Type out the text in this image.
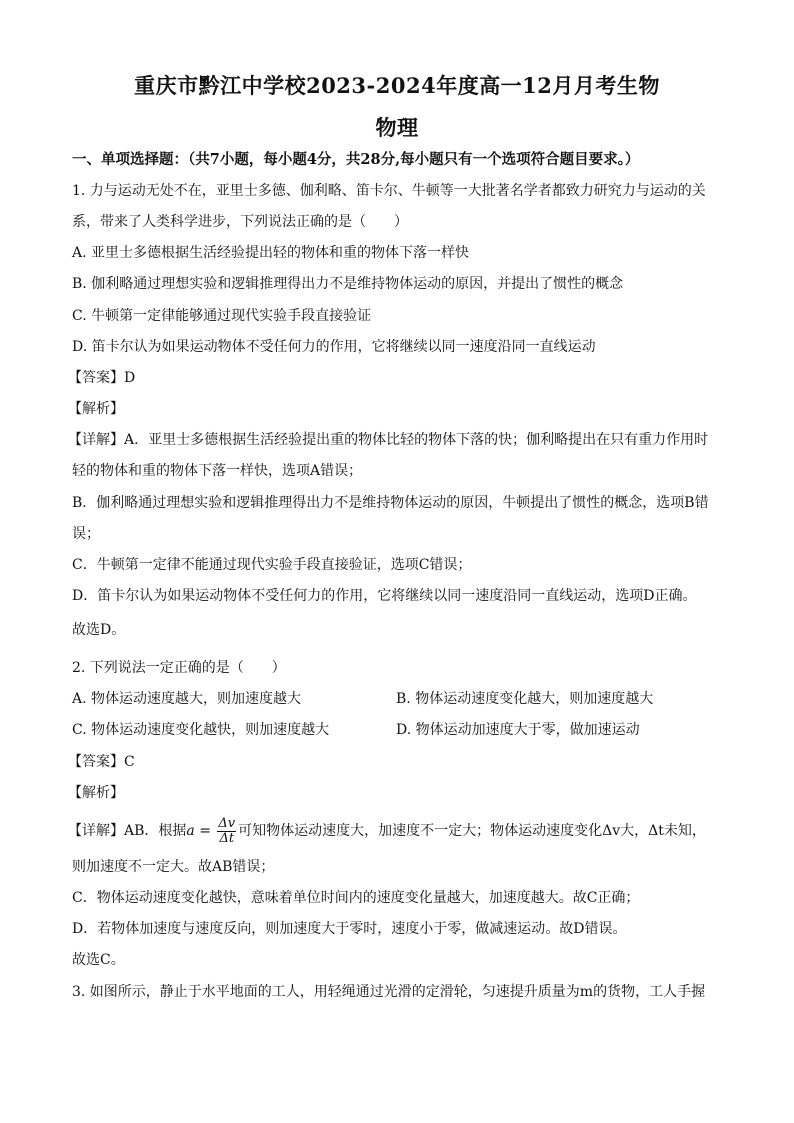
重庆市黔江中学校2023-2024年度高一12月月考生物
物理
一、单项选择题：（共7小题，每小题4分，共28分,每小题只有一个选项符合题目要求。）
1. 力与运动无处不在，亚里士多德、伽利略、笛卡尔、牛顿等一大批著名学者都致力研究力与运动的关
系，带来了人类科学进步，下列说法正确的是（　　）
A. 亚里士多德根据生活经验提出轻的物体和重的物体下落一样快
B. 伽利略通过理想实验和逻辑推理得出力不是维持物体运动的原因，并提出了惯性的概念
C. 牛顿第一定律能够通过现代实验手段直接验证
D. 笛卡尔认为如果运动物体不受任何力的作用，它将继续以同一速度沿同一直线运动
【答案】D
【解析】
【详解】A．亚里士多德根据生活经验提出重的物体比轻的物体下落的快；伽利略提出在只有重力作用时
轻的物体和重的物体下落一样快，选项A错误；
B．伽利略通过理想实验和逻辑推理得出力不是维持物体运动的原因，牛顿提出了惯性的概念，选项B错
误；
C．牛顿第一定律不能通过现代实验手段直接验证，选项C错误；
D．笛卡尔认为如果运动物体不受任何力的作用，它将继续以同一速度沿同一直线运动，选项D正确。
故选D。
2. 下列说法一定正确的是（　　）
A. 物体运动速度越大，则加速度越大	B. 物体运动速度变化越大，则加速度越大
C. 物体运动速度变化越快，则加速度越大	D. 物体运动加速度大于零，做加速运动
【答案】C
【解析】
【详解】AB．根据$a = \frac{\Delta v}{\Delta t}$ 可知物体运动速度大，加速度不一定大；物体运动速度变化Δv大，Δt未知，
则加速度不一定大。故AB错误；
C．物体运动速度变化越快，意味着单位时间内的速度变化量越大，加速度越大。故C正确；
D．若物体加速度与速度反向，则加速度大于零时，速度小于零，做减速运动。故D错误。
故选C。
3. 如图所示，静止于水平地面的工人，用轻绳通过光滑的定滑轮，匀速提升质量为m的货物，工人手握
